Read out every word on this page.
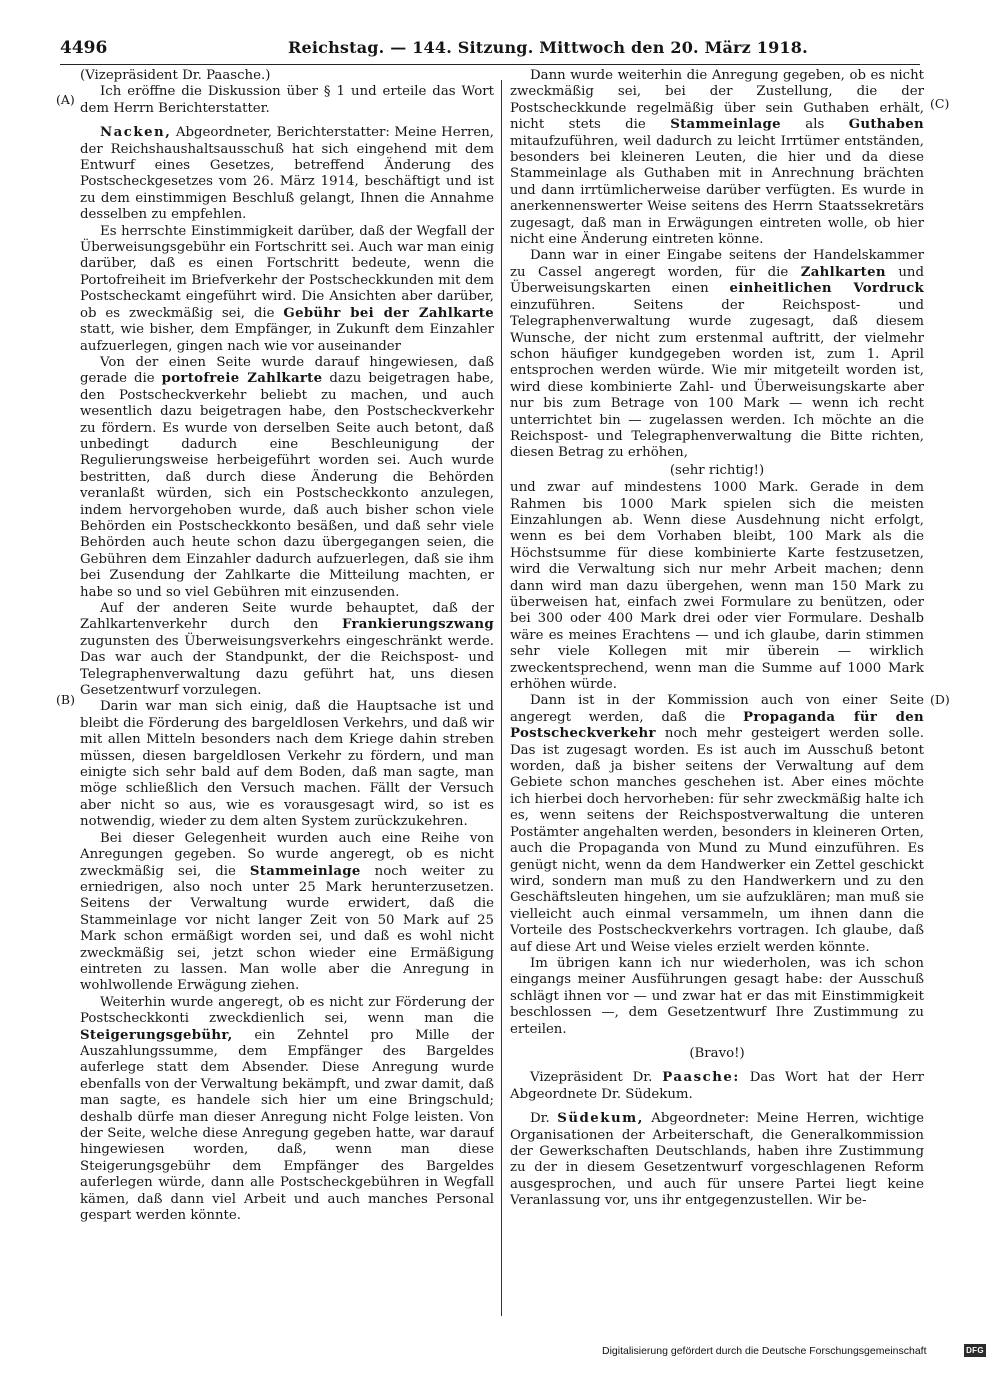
4496	Reichstag. — 144. Sitzung. Mittwoch den 20. März 1918.
(A)
(B)
(C)
(D)

(Vizepräsident Dr. Paasche.)

Ich eröffne die Diskussion über § 1 und erteile das Wort dem Herrn Berichterstatter.

Nacken, Abgeordneter, Berichterstatter: Meine Herren, der Reichshaushaltsausschuß hat sich eingehend mit dem Entwurf eines Gesetzes, betreffend Änderung des Postscheckgesetzes vom 26. März 1914, beschäftigt und ist zu dem einstimmigen Beschluß gelangt, Ihnen die Annahme desselben zu empfehlen.

Es herrschte Einstimmigkeit darüber, daß der Wegfall der Überweisungsgebühr ein Fortschritt sei. Auch war man einig darüber, daß es einen Fortschritt bedeute, wenn die Portofreiheit im Briefverkehr der Postscheckkunden mit dem Postscheckamt eingeführt wird. Die Ansichten aber darüber, ob es zweckmäßig sei, die Gebühr bei der Zahlkarte statt, wie bisher, dem Empfänger, in Zukunft dem Einzahler aufzuerlegen, gingen nach wie vor auseinander

Von der einen Seite wurde darauf hingewiesen, daß gerade die portofreie Zahlkarte dazu beigetragen habe, den Postscheckverkehr beliebt zu machen, und auch wesentlich dazu beigetragen habe, den Postscheckverkehr zu fördern. Es wurde von derselben Seite auch betont, daß unbedingt dadurch eine Beschleunigung der Regulierungsweise herbeigeführt worden sei. Auch wurde bestritten, daß durch diese Änderung die Behörden veranlaßt würden, sich ein Postscheckkonto anzulegen, indem hervorgehoben wurde, daß auch bisher schon viele Behörden ein Postscheckkonto besäßen, und daß sehr viele Behörden auch heute schon dazu übergegangen seien, die Gebühren dem Einzahler dadurch aufzuerlegen, daß sie ihm bei Zusendung der Zahlkarte die Mitteilung machten, er habe so und so viel Gebühren mit einzusenden.

Auf der anderen Seite wurde behauptet, daß der Zahlkartenverkehr durch den Frankierungszwang zugunsten des Überweisungsverkehrs eingeschränkt werde. Das war auch der Standpunkt, der die Reichspost- und Telegraphenverwaltung dazu geführt hat, uns diesen Gesetzentwurf vorzulegen.

Darin war man sich einig, daß die Hauptsache ist und bleibt die Förderung des bargeldlosen Verkehrs, und daß wir mit allen Mitteln besonders nach dem Kriege dahin streben müssen, diesen bargeldlosen Verkehr zu fördern, und man einigte sich sehr bald auf dem Boden, daß man sagte, man möge schließlich den Versuch machen. Fällt der Versuch aber nicht so aus, wie es vorausgesagt wird, so ist es notwendig, wieder zu dem alten System zurückzukehren.

Bei dieser Gelegenheit wurden auch eine Reihe von Anregungen gegeben. So wurde angeregt, ob es nicht zweckmäßig sei, die Stammeinlage noch weiter zu erniedrigen, also noch unter 25 Mark herunterzusetzen. Seitens der Verwaltung wurde erwidert, daß die Stammeinlage vor nicht langer Zeit von 50 Mark auf 25 Mark schon ermäßigt worden sei, und daß es wohl nicht zweckmäßig sei, jetzt schon wieder eine Ermäßigung eintreten zu lassen. Man wolle aber die Anregung in wohlwollende Erwägung ziehen.

Weiterhin wurde angeregt, ob es nicht zur Förderung der Postscheckkonti zweckdienlich sei, wenn man die Steigerungsgebühr, ein Zehntel pro Mille der Auszahlungssumme, dem Empfänger des Bargeldes auferlege statt dem Absender. Diese Anregung wurde ebenfalls von der Verwaltung bekämpft, und zwar damit, daß man sagte, es handele sich hier um eine Bringschuld; deshalb dürfe man dieser Anregung nicht Folge leisten. Von der Seite, welche diese Anregung gegeben hatte, war darauf hingewiesen worden, daß, wenn man diese Steigerungsgebühr dem Empfänger des Bargeldes auferlegen würde, dann alle Postscheckgebühren in Wegfall kämen, daß dann viel Arbeit und auch manches Personal gespart werden könnte.

Dann wurde weiterhin die Anregung gegeben, ob es nicht zweckmäßig sei, bei der Zustellung, die der Postscheckkunde regelmäßig über sein Guthaben erhält, nicht stets die Stammeinlage als Guthaben mitaufzuführen, weil dadurch zu leicht Irrtümer entständen, besonders bei kleineren Leuten, die hier und da diese Stammeinlage als Guthaben mit in Anrechnung brächten und dann irrtümlicherweise darüber verfügten. Es wurde in anerkennenswerter Weise seitens des Herrn Staatssekretärs zugesagt, daß man in Erwägungen eintreten wolle, ob hier nicht eine Änderung eintreten könne.

Dann war in einer Eingabe seitens der Handelskammer zu Cassel angeregt worden, für die Zahlkarten und Überweisungskarten einen einheitlichen Vordruck einzuführen. Seitens der Reichspost- und Telegraphenverwaltung wurde zugesagt, daß diesem Wunsche, der nicht zum erstenmal auftritt, der vielmehr schon häufiger kundgegeben worden ist, zum 1. April entsprochen werden würde. Wie mir mitgeteilt worden ist, wird diese kombinierte Zahl- und Überweisungskarte aber nur bis zum Betrage von 100 Mark — wenn ich recht unterrichtet bin — zugelassen werden. Ich möchte an die Reichspost- und Telegraphenverwaltung die Bitte richten, diesen Betrag zu erhöhen,

(sehr richtig!)

und zwar auf mindestens 1000 Mark. Gerade in dem Rahmen bis 1000 Mark spielen sich die meisten Einzahlungen ab. Wenn diese Ausdehnung nicht erfolgt, wenn es bei dem Vorhaben bleibt, 100 Mark als die Höchstsumme für diese kombinierte Karte festzusetzen, wird die Verwaltung sich nur mehr Arbeit machen; denn dann wird man dazu übergehen, wenn man 150 Mark zu überweisen hat, einfach zwei Formulare zu benützen, oder bei 300 oder 400 Mark drei oder vier Formulare. Deshalb wäre es meines Erachtens — und ich glaube, darin stimmen sehr viele Kollegen mit mir überein — wirklich zweckentsprechend, wenn man die Summe auf 1000 Mark erhöhen würde.

Dann ist in der Kommission auch von einer Seite angeregt werden, daß die Propaganda für den Postscheckverkehr noch mehr gesteigert werden solle. Das ist zugesagt worden. Es ist auch im Ausschuß betont worden, daß ja bisher seitens der Verwaltung auf dem Gebiete schon manches geschehen ist. Aber eines möchte ich hierbei doch hervorheben: für sehr zweckmäßig halte ich es, wenn seitens der Reichspostverwaltung die unteren Postämter angehalten werden, besonders in kleineren Orten, auch die Propaganda von Mund zu Mund einzuführen. Es genügt nicht, wenn da dem Handwerker ein Zettel geschickt wird, sondern man muß zu den Handwerkern und zu den Geschäftsleuten hingehen, um sie aufzuklären; man muß sie vielleicht auch einmal versammeln, um ihnen dann die Vorteile des Postscheckverkehrs vortragen. Ich glaube, daß auf diese Art und Weise vieles erzielt werden könnte.

Im übrigen kann ich nur wiederholen, was ich schon eingangs meiner Ausführungen gesagt habe: der Ausschuß schlägt ihnen vor — und zwar hat er das mit Einstimmigkeit beschlossen —, dem Gesetzentwurf Ihre Zustimmung zu erteilen.

(Bravo!)

Vizepräsident Dr. Paasche: Das Wort hat der Herr Abgeordnete Dr. Südekum.

Dr. Südekum, Abgeordneter: Meine Herren, wichtige Organisationen der Arbeiterschaft, die Generalkommission der Gewerkschaften Deutschlands, haben ihre Zustimmung zu der in diesem Gesetzentwurf vorgeschlagenen Reform ausgesprochen, und auch für unsere Partei liegt keine Veranlassung vor, uns ihr entgegenzustellen. Wir be-

Digitalisierung gefördert durch die Deutsche Forschungsgemeinschaft	DFG
